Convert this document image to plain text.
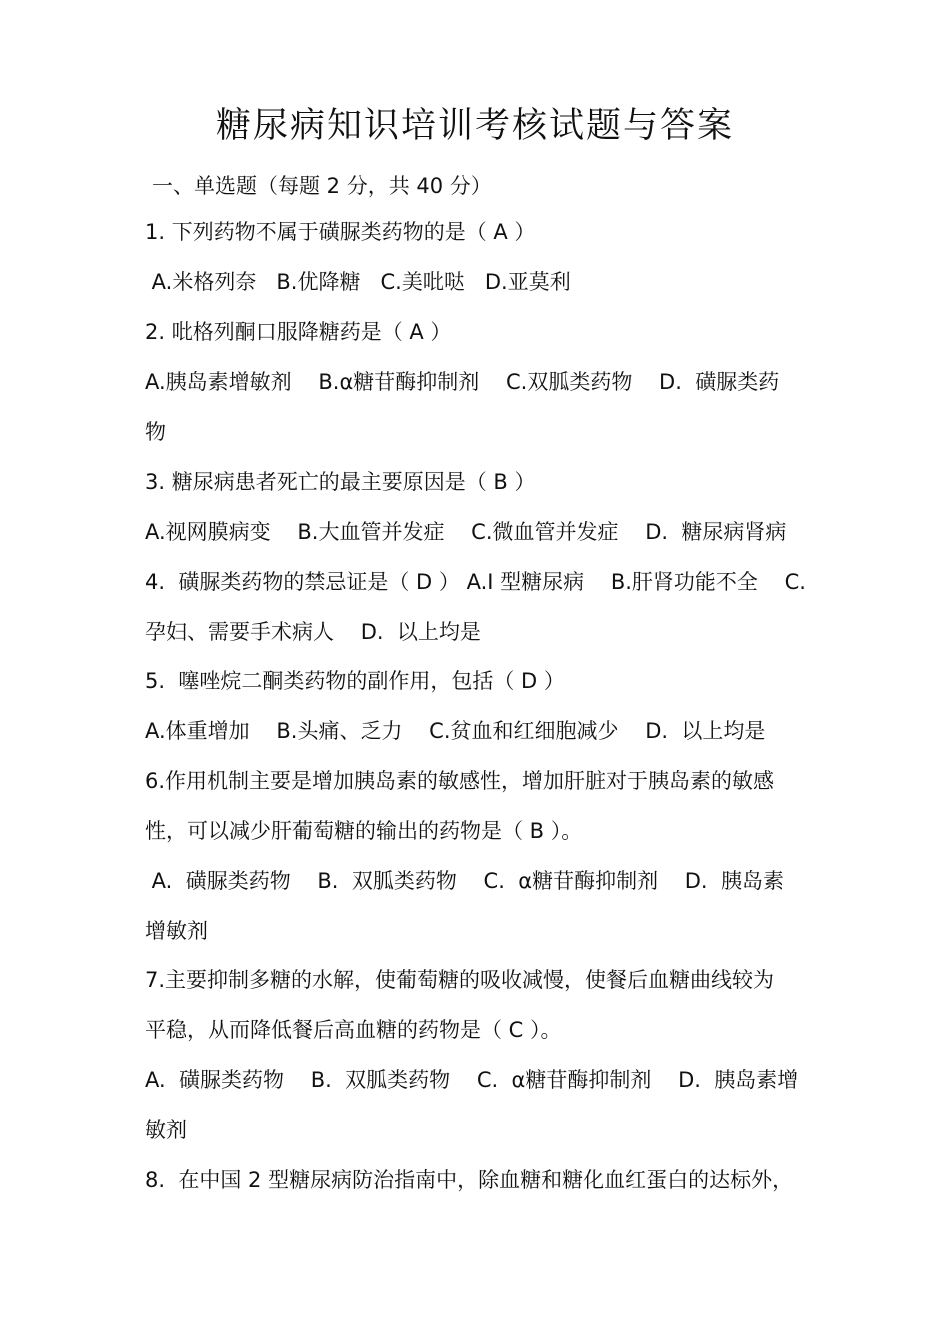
糖尿病知识培训考核试题与答案
一、单选题（每题 2 分，共 40 分）
1. 下列药物不属于磺脲类药物的是（ A ）
A.米格列奈   B.优降糖   C.美吡哒   D.亚莫利
2. 吡格列酮口服降糖药是（ A ）
A.胰岛素增敏剂    B.α糖苷酶抑制剂    C.双胍类药物    D.  磺脲类药
物
3. 糖尿病患者死亡的最主要原因是（ B ）
A.视网膜病变    B.大血管并发症    C.微血管并发症    D.  糖尿病肾病
4.  磺脲类药物的禁忌证是（ D ） A.I 型糖尿病    B.肝肾功能不全    C.
孕妇、需要手术病人    D.  以上均是
5.  噻唑烷二酮类药物的副作用，包括（ D ）
A.体重增加    B.头痛、乏力    C.贫血和红细胞减少    D.  以上均是
6.作用机制主要是增加胰岛素的敏感性，增加肝脏对于胰岛素的敏感
性，可以减少肝葡萄糖的输出的药物是（ B ）。
A.  磺脲类药物    B.  双胍类药物    C.  α糖苷酶抑制剂    D.  胰岛素
增敏剂
7.主要抑制多糖的水解，使葡萄糖的吸收减慢，使餐后血糖曲线较为
平稳，从而降低餐后高血糖的药物是（ C ）。
A.  磺脲类药物    B.  双胍类药物    C.  α糖苷酶抑制剂    D.  胰岛素增
敏剂
8.  在中国 2 型糖尿病防治指南中，除血糖和糖化血红蛋白的达标外，
